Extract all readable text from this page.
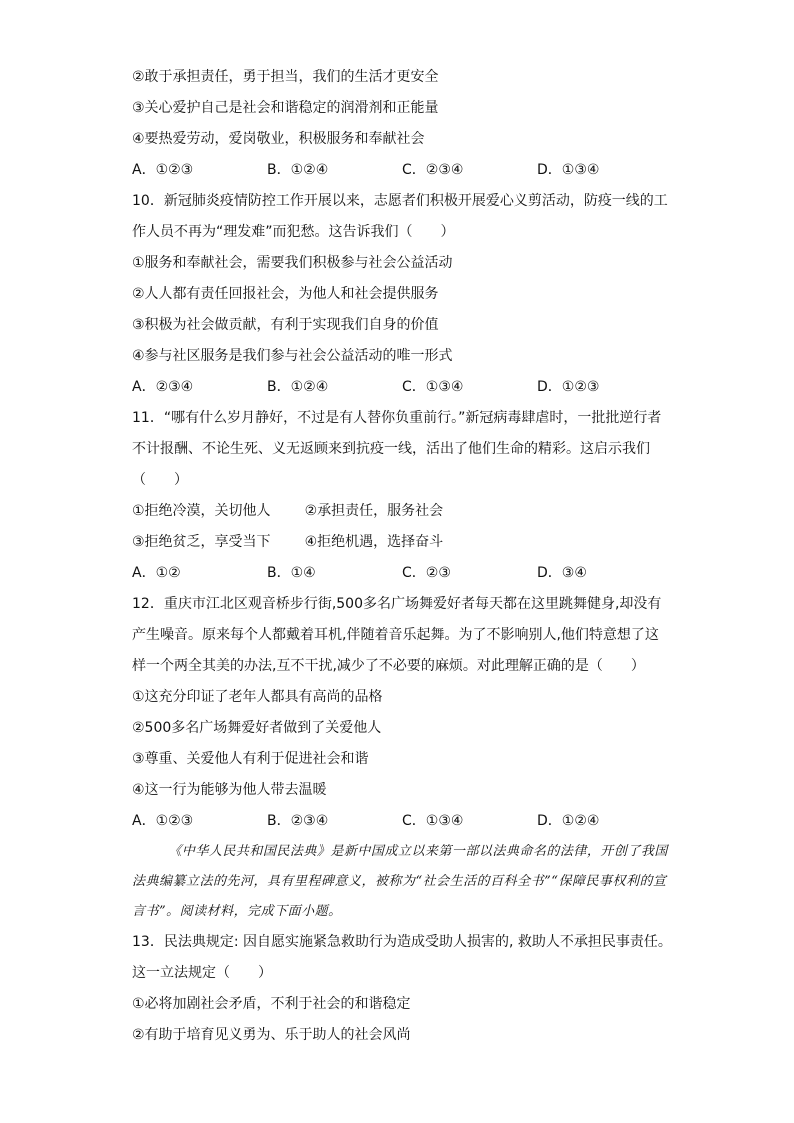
②敢于承担责任，勇于担当，我们的生活才更安全
③关心爱护自己是社会和谐稳定的润滑剂和正能量
④要热爱劳动，爱岗敬业，积极服务和奉献社会
A．①②③	B．①②④	C．②③④	D．①③④
10．新冠肺炎疫情防控工作开展以来，志愿者们积极开展爱心义剪活动，防疫一线的工作人员不再为“理发难”而犯愁。这告诉我们（　　）
①服务和奉献社会，需要我们积极参与社会公益活动
②人人都有责任回报社会，为他人和社会提供服务
③积极为社会做贡献，有利于实现我们自身的价值
④参与社区服务是我们参与社会公益活动的唯一形式
A．②③④	B．①②④	C．①③④	D．①②③
11．“哪有什么岁月静好，不过是有人替你负重前行。”新冠病毒肆虐时，一批批逆行者不计报酬、不论生死、义无返顾来到抗疫一线，活出了他们生命的精彩。这启示我们（　　）
①拒绝冷漠，关切他人 ②承担责任，服务社会
③拒绝贫乏，享受当下 ④拒绝机遇，选择奋斗
A．①②	B．①④	C．②③	D．③④
12．重庆市江北区观音桥步行街,500多名广场舞爱好者每天都在这里跳舞健身,却没有产生噪音。原来每个人都戴着耳机,伴随着音乐起舞。为了不影响别人,他们特意想了这样一个两全其美的办法,互不干扰,减少了不必要的麻烦。对此理解正确的是（　　）
①这充分印证了老年人都具有高尚的品格
②500多名广场舞爱好者做到了关爱他人
③尊重、关爱他人有利于促进社会和谐
④这一行为能够为他人带去温暖
A．①②③	B．②③④	C．①③④	D．①②④
《中华人民共和国民法典》是新中国成立以来第一部以法典命名的法律，开创了我国法典编纂立法的先河，具有里程碑意义，被称为“社会生活的百科全书”“保障民事权利的宣言书”。阅读材料，完成下面小题。
13．民法典规定: 因自愿实施紧急救助行为造成受助人损害的, 救助人不承担民事责任。这一立法规定（　　）
①必将加剧社会矛盾，不利于社会的和谐稳定
②有助于培育见义勇为、乐于助人的社会风尚
